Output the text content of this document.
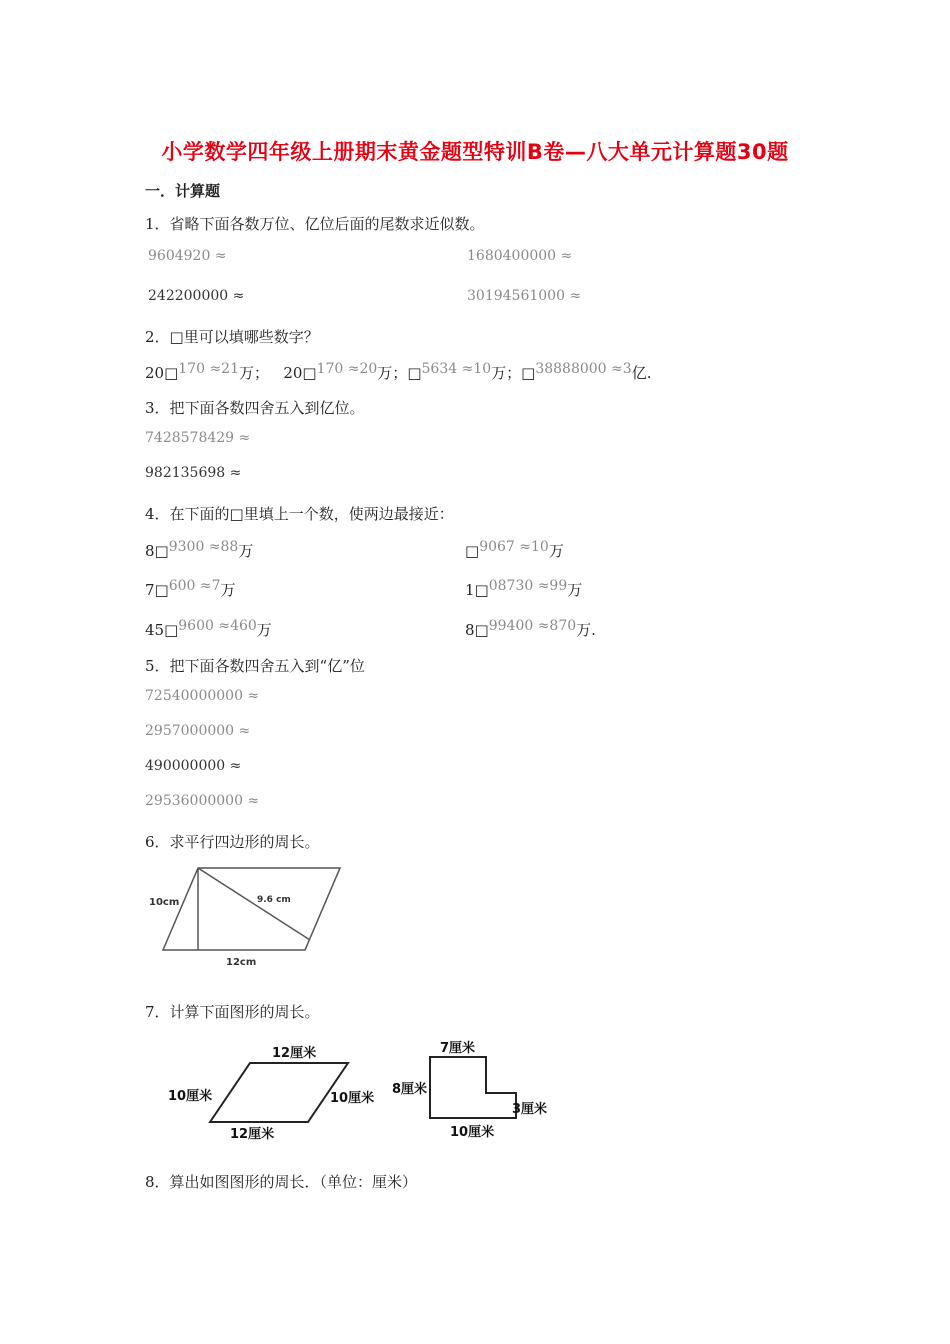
小学数学四年级上册期末黄金题型特训B卷—八大单元计算题30题
一．计算题
1．省略下面各数万位、亿位后面的尾数求近似数。
9604920 ≈	1680400000 ≈
242200000 ≈	30194561000 ≈
2．□里可以填哪些数字？
20□170 ≈21万； 20□170 ≈20万；□5634 ≈10万；□38888000 ≈3亿.
3．把下面各数四舍五入到亿位。
7428578429 ≈
982135698 ≈
4．在下面的□里填上一个数，使两边最接近：
8□9300 ≈88万	□9067 ≈10万
7□600 ≈7万	1□08730 ≈99万
45□9600 ≈460万	8□99400 ≈870万.
5．把下面各数四舍五入到“亿”位
72540000000 ≈
2957000000 ≈
490000000 ≈
29536000000 ≈
6．求平行四边形的周长。
10cm	9.6 cm
12cm
7．计算下面图形的周长。
12厘米
10厘米	10厘米
12厘米
7厘米
8厘米
3厘米
10厘米
8．算出如图图形的周长．（单位：厘米）
